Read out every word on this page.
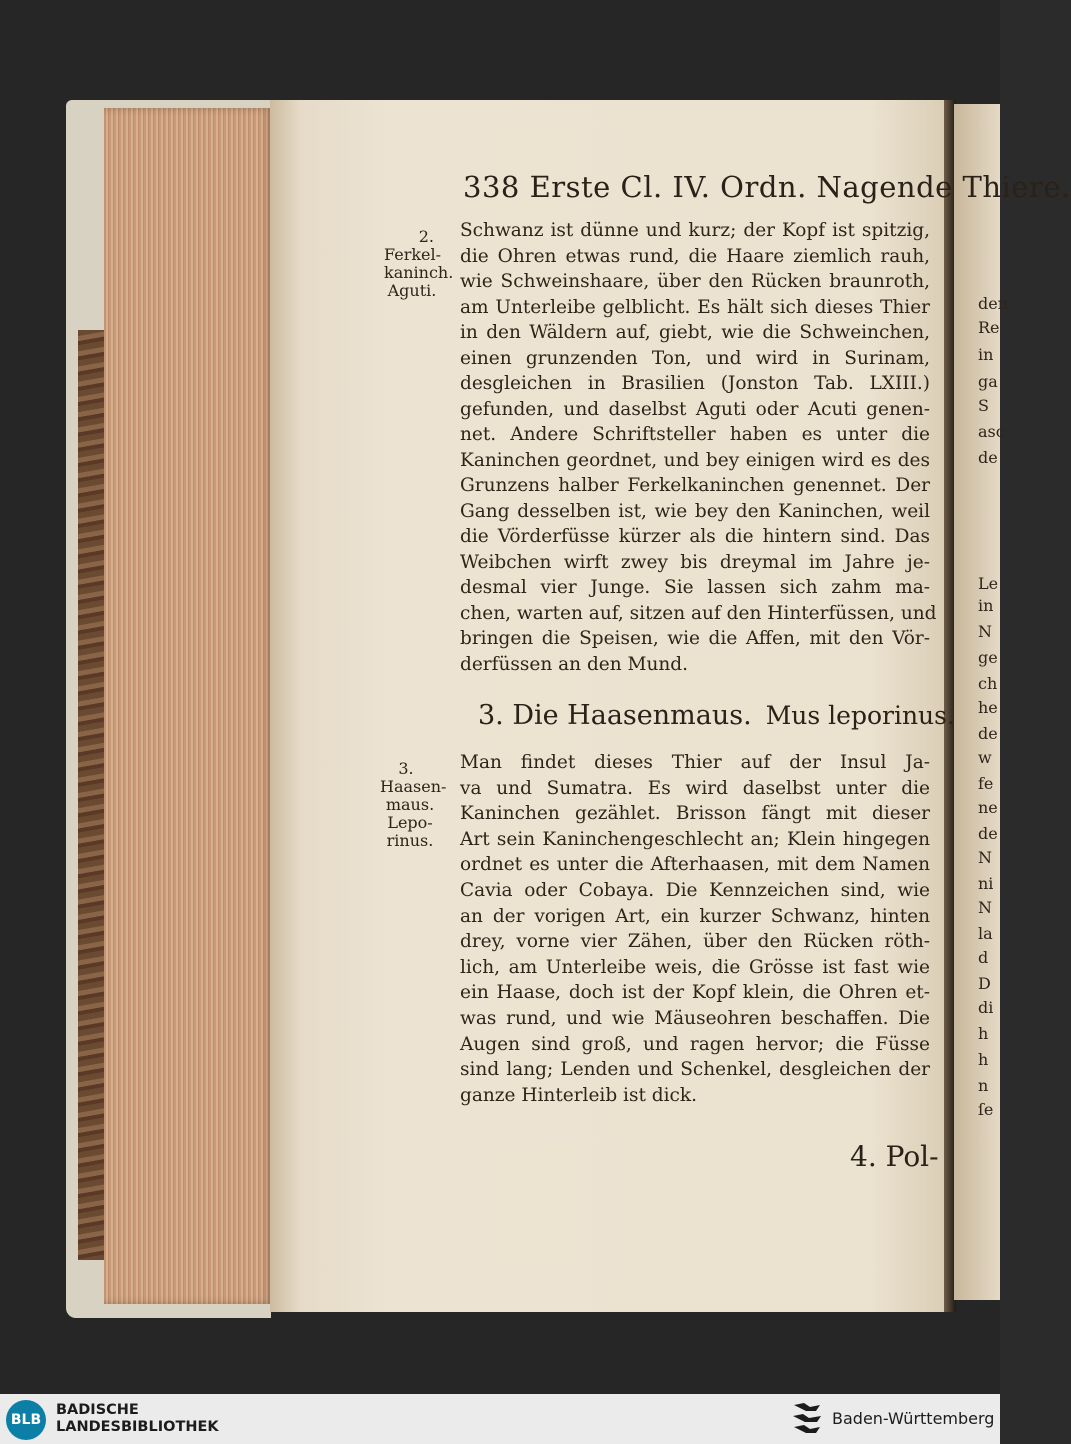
den
Re
in
ga
S
asc
de
Le
in
N
ge
ch
he
de
w
fe
ne
de
N
ni
N
la
d
D
di
h
h
n
ſe
338 Erste Cl. IV. Ordn. Nagende Thiere.
2.
Ferkel-
kaninch.
Aguti.
3.
Haasen-
maus.
Lepo-
rinus.
Schwanz ist dünne und kurz; der Kopf ist spitzig,
die Ohren etwas rund, die Haare ziemlich rauh,
wie Schweinshaare, über den Rücken braunroth,
am Unterleibe gelblicht. Es hält sich dieses Thier
in den Wäldern auf, giebt, wie die Schweinchen,
einen grunzenden Ton, und wird in Surinam,
desgleichen in Brasilien (Jonston Tab. LXIII.)
gefunden, und daselbst Aguti oder Acuti genen-
net. Andere Schriftsteller haben es unter die
Kaninchen geordnet, und bey einigen wird es des
Grunzens halber Ferkelkaninchen genennet. Der
Gang desselben ist, wie bey den Kaninchen, weil
die Vörderfüsse kürzer als die hintern sind. Das
Weibchen wirft zwey bis dreymal im Jahre je-
desmal vier Junge. Sie lassen sich zahm ma-
chen, warten auf, sitzen auf den Hinterfüssen, und
bringen die Speisen, wie die Affen, mit den Vör-
derfüssen an den Mund.
3. Die Haasenmaus. Mus leporinus.
Man findet dieses Thier auf der Insul Ja-
va und Sumatra. Es wird daselbst unter die
Kaninchen gezählet. Brisson fängt mit dieser
Art sein Kaninchengeschlecht an; Klein hingegen
ordnet es unter die Afterhaasen, mit dem Namen
Cavia oder Cobaya. Die Kennzeichen sind, wie
an der vorigen Art, ein kurzer Schwanz, hinten
drey, vorne vier Zähen, über den Rücken röth-
lich, am Unterleibe weis, die Grösse ist fast wie
ein Haase, doch ist der Kopf klein, die Ohren et-
was rund, und wie Mäuseohren beschaffen. Die
Augen sind groß, und ragen hervor; die Füsse
sind lang; Lenden und Schenkel, desgleichen der
ganze Hinterleib ist dick.
4. Pol-
BLB
BADISCHE
LANDESBIBLIOTHEK	Baden-Württemberg
